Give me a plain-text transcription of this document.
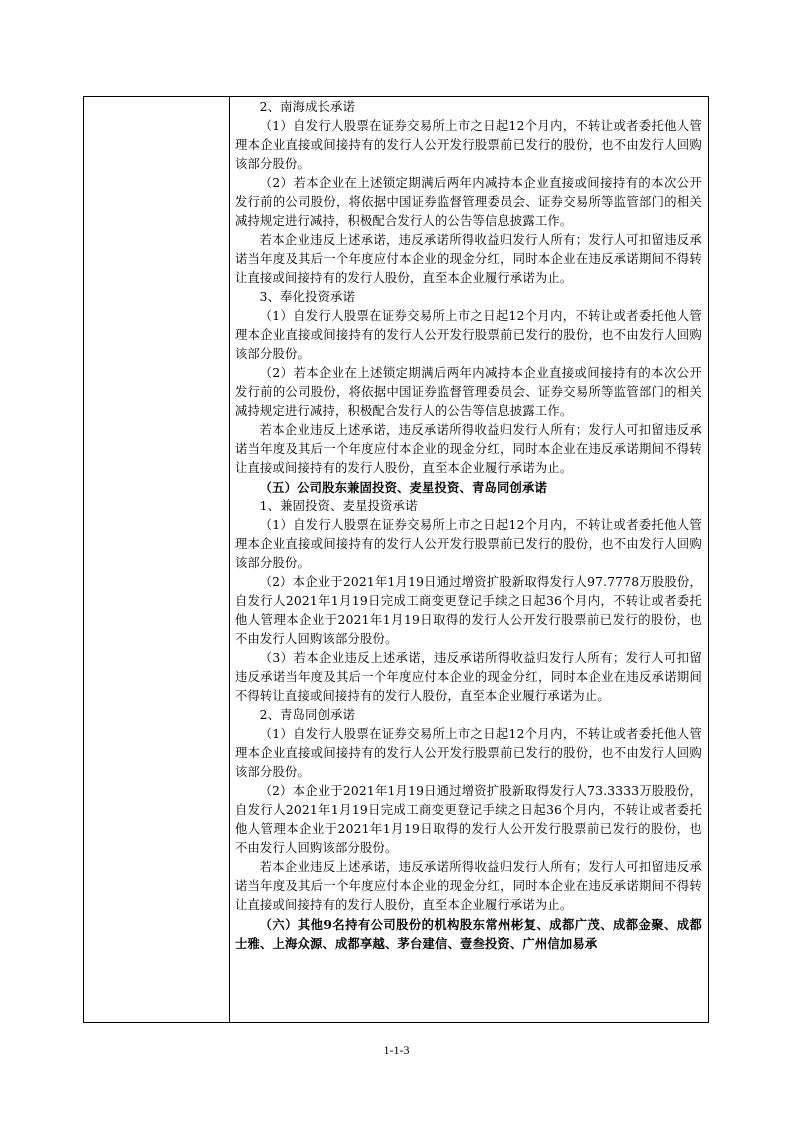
2、南海成长承诺

（1）自发行人股票在证券交易所上市之日起12个月内，不转让或者委托他人管理本企业直接或间接持有的发行人公开发行股票前已发行的股份，也不由发行人回购该部分股份。

（2）若本企业在上述锁定期满后两年内减持本企业直接或间接持有的本次公开发行前的公司股份，将依据中国证券监督管理委员会、证券交易所等监管部门的相关减持规定进行减持，积极配合发行人的公告等信息披露工作。

若本企业违反上述承诺，违反承诺所得收益归发行人所有；发行人可扣留违反承诺当年度及其后一个年度应付本企业的现金分红，同时本企业在违反承诺期间不得转让直接或间接持有的发行人股份，直至本企业履行承诺为止。

3、奉化投资承诺

（1）自发行人股票在证券交易所上市之日起12个月内，不转让或者委托他人管理本企业直接或间接持有的发行人公开发行股票前已发行的股份，也不由发行人回购该部分股份。

（2）若本企业在上述锁定期满后两年内减持本企业直接或间接持有的本次公开发行前的公司股份，将依据中国证券监督管理委员会、证券交易所等监管部门的相关减持规定进行减持，积极配合发行人的公告等信息披露工作。

若本企业违反上述承诺，违反承诺所得收益归发行人所有；发行人可扣留违反承诺当年度及其后一个年度应付本企业的现金分红，同时本企业在违反承诺期间不得转让直接或间接持有的发行人股份，直至本企业履行承诺为止。

（五）公司股东兼固投资、麦星投资、青岛同创承诺

1、兼固投资、麦星投资承诺

（1）自发行人股票在证券交易所上市之日起12个月内，不转让或者委托他人管理本企业直接或间接持有的发行人公开发行股票前已发行的股份，也不由发行人回购该部分股份。

（2）本企业于2021年1月19日通过增资扩股新取得发行人97.7778万股股份，自发行人2021年1月19日完成工商变更登记手续之日起36个月内，不转让或者委托他人管理本企业于2021年1月19日取得的发行人公开发行股票前已发行的股份，也不由发行人回购该部分股份。

（3）若本企业违反上述承诺，违反承诺所得收益归发行人所有；发行人可扣留违反承诺当年度及其后一个年度应付本企业的现金分红，同时本企业在违反承诺期间不得转让直接或间接持有的发行人股份，直至本企业履行承诺为止。

2、青岛同创承诺

（1）自发行人股票在证券交易所上市之日起12个月内，不转让或者委托他人管理本企业直接或间接持有的发行人公开发行股票前已发行的股份，也不由发行人回购该部分股份。

（2）本企业于2021年1月19日通过增资扩股新取得发行人73.3333万股股份，自发行人2021年1月19日完成工商变更登记手续之日起36个月内，不转让或者委托他人管理本企业于2021年1月19日取得的发行人公开发行股票前已发行的股份，也不由发行人回购该部分股份。

若本企业违反上述承诺，违反承诺所得收益归发行人所有；发行人可扣留违反承诺当年度及其后一个年度应付本企业的现金分红，同时本企业在违反承诺期间不得转让直接或间接持有的发行人股份，直至本企业履行承诺为止。

（六）其他9名持有公司股份的机构股东常州彬复、成都广茂、成都金聚、成都士雅、上海众源、成都享越、茅台建信、壹叁投资、广州信加易承

1-1-3
